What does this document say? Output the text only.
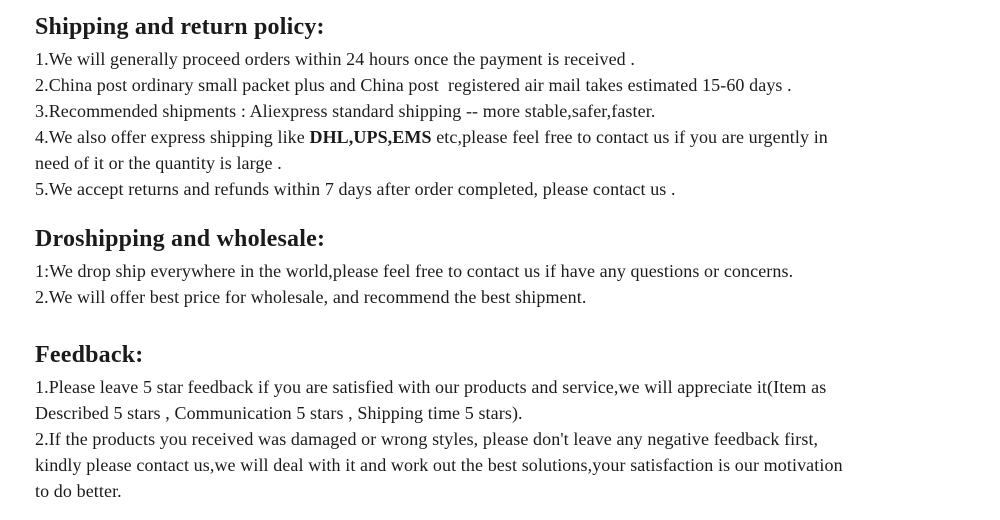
Shipping and return policy:

1.We will generally proceed orders within 24 hours once the payment is received .

2.China post ordinary small packet plus and China post  registered air mail takes estimated 15-60 days .

3.Recommended shipments : Aliexpress standard shipping -- more stable,safer,faster.

4.We also offer express shipping like DHL,UPS,EMS etc,please feel free to contact us if you are urgently in

need of it or the quantity is large .

5.We accept returns and refunds within 7 days after order completed, please contact us .

Droshipping and wholesale:

1:We drop ship everywhere in the world,please feel free to contact us if have any questions or concerns.

2.We will offer best price for wholesale, and recommend the best shipment.

Feedback:

1.Please leave 5 star feedback if you are satisfied with our products and service,we will appreciate it(Item as

Described 5 stars , Communication 5 stars , Shipping time 5 stars).

2.If the products you received was damaged or wrong styles, please don't leave any negative feedback first,

kindly please contact us,we will deal with it and work out the best solutions,your satisfaction is our motivation

to do better.
